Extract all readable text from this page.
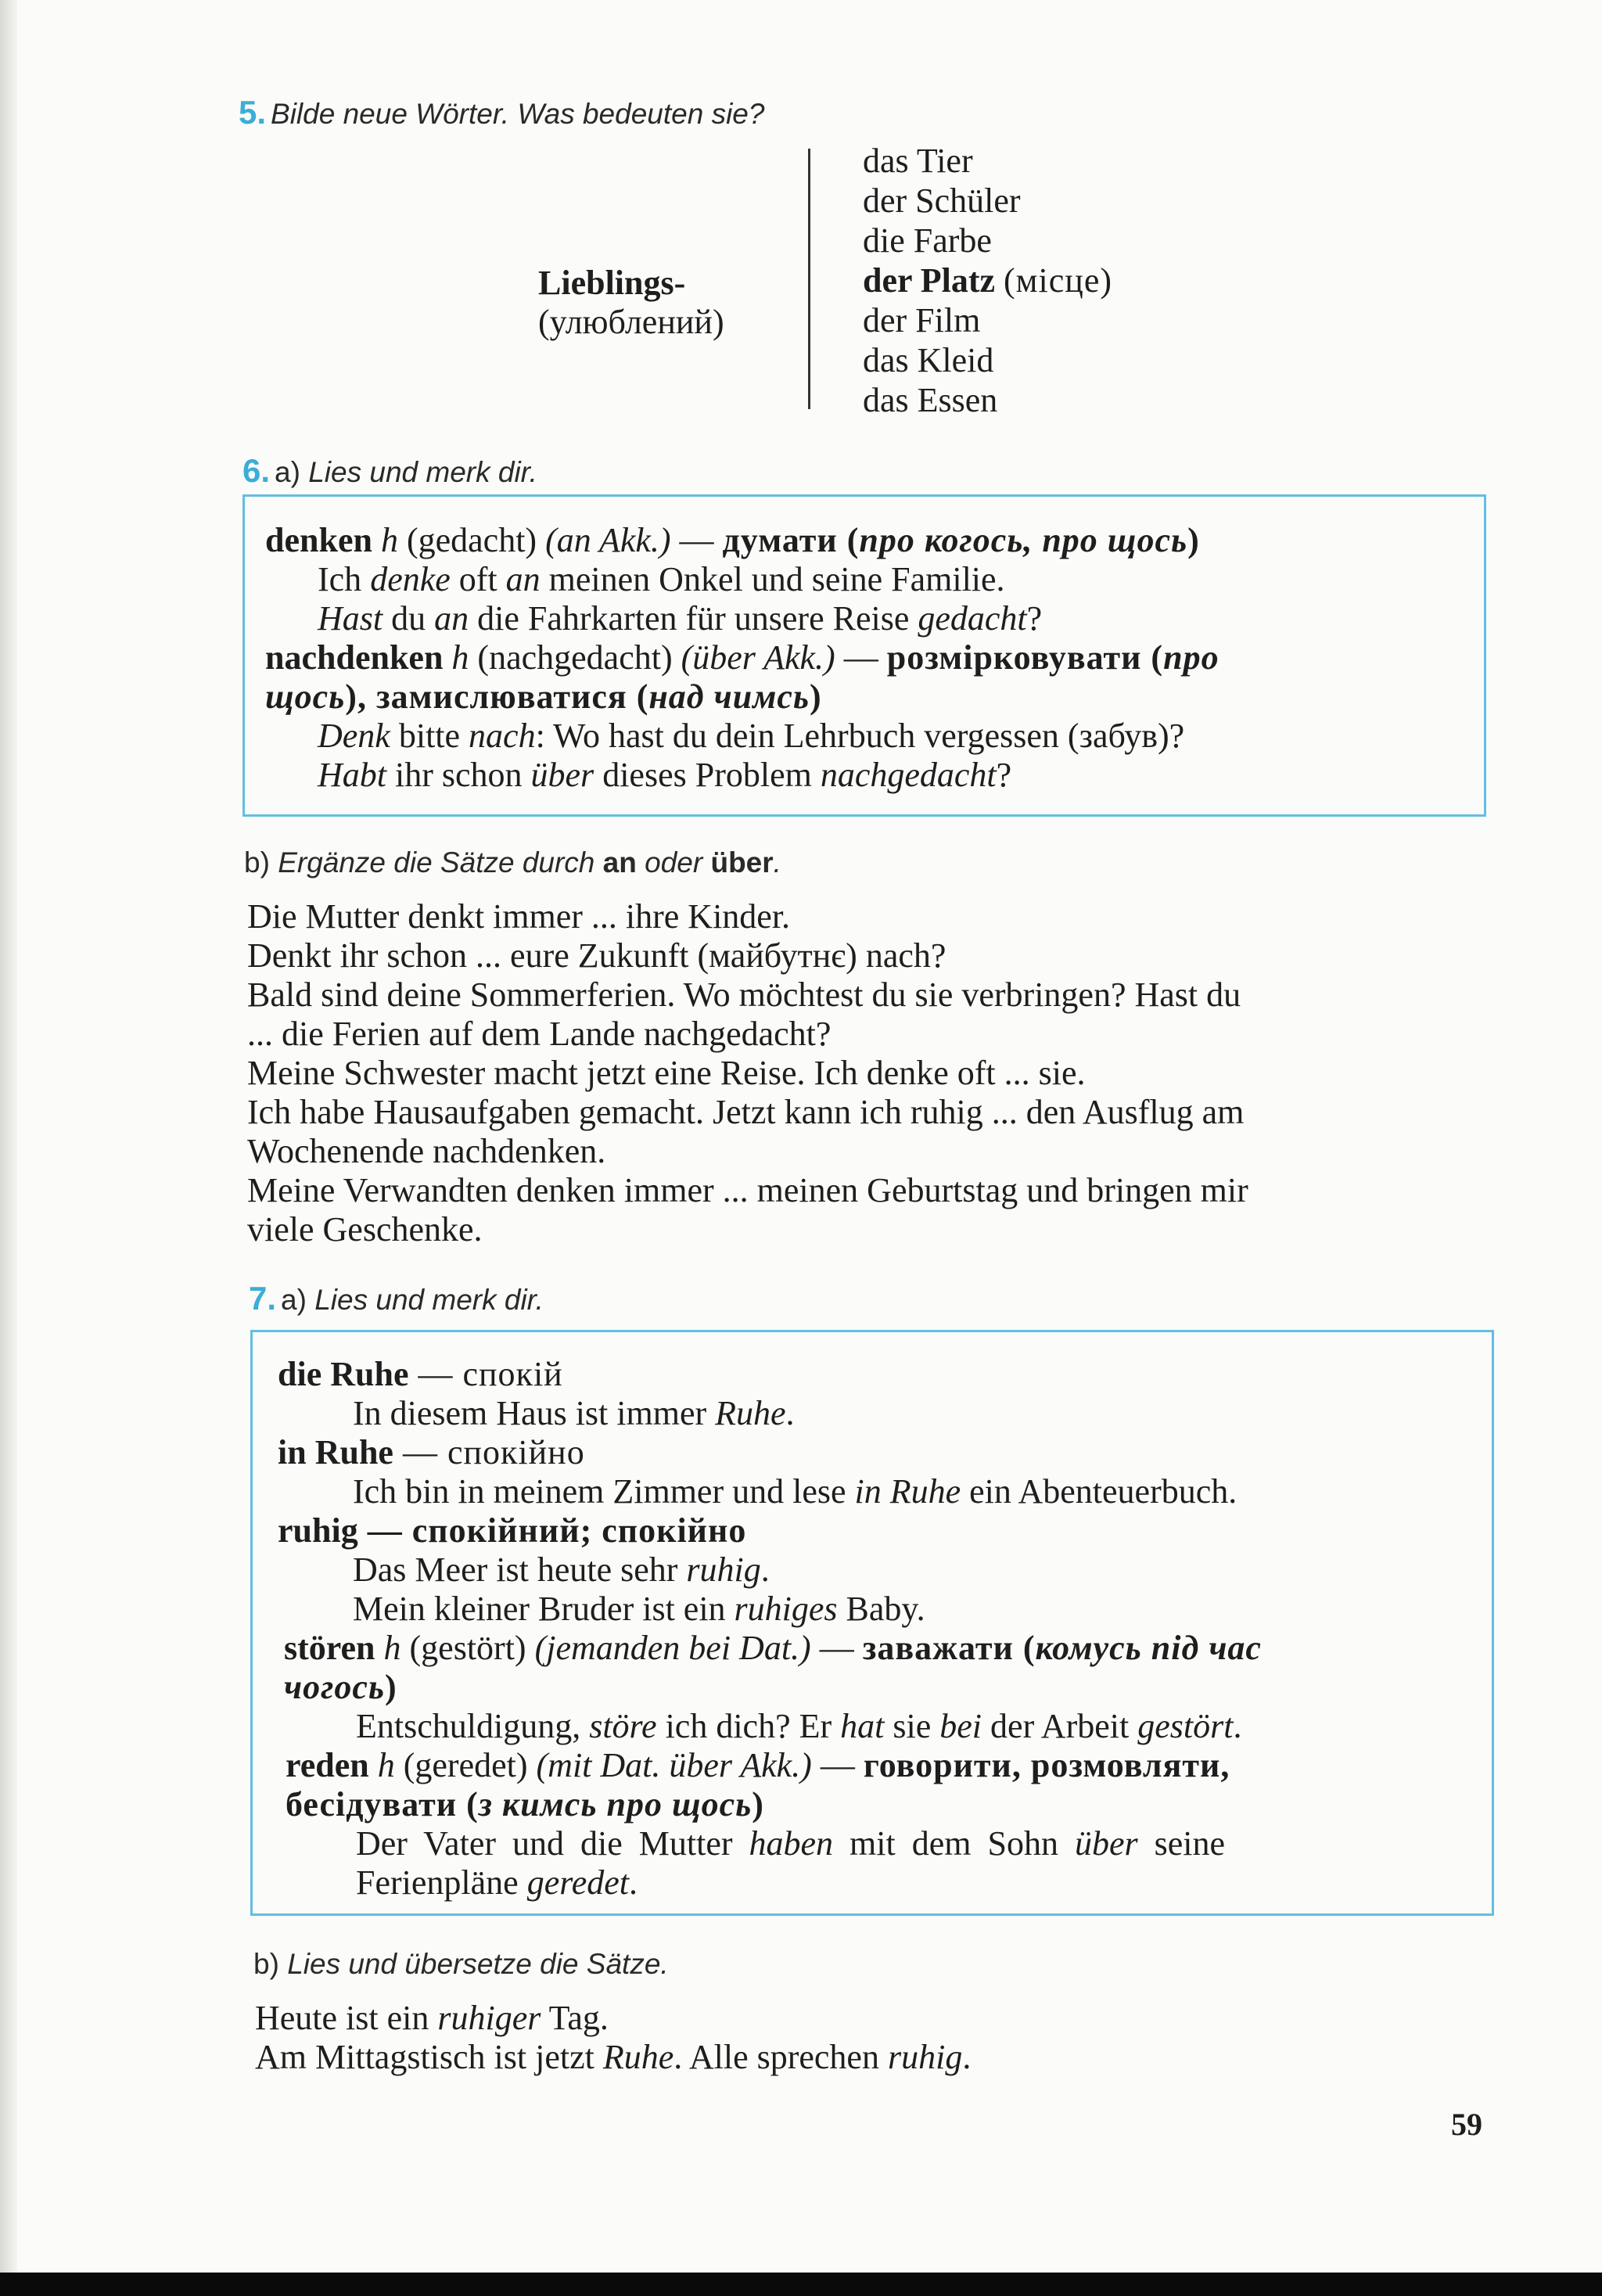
5. Bilde neue Wörter. Was bedeuten sie?
Lieblings-
(улюблений)
das Tier
der Schüler
die Farbe
der Platz (місце)
der Film
das Kleid
das Essen
6. a) Lies und merk dir.
denken h (gedacht) (an Akk.) — думати (про когось, про щось)
Ich denke oft an meinen Onkel und seine Familie.
Hast du an die Fahrkarten für unsere Reise gedacht?
nachdenken h (nachgedacht) (über Akk.) — розмірковувати (про
щось), замислюватися (над чимсь)
Denk bitte nach: Wo hast du dein Lehrbuch vergessen (забув)?
Habt ihr schon über dieses Problem nachgedacht?
b) Ergänze die Sätze durch an oder über.
Die Mutter denkt immer ... ihre Kinder.
Denkt ihr schon ... eure Zukunft (майбутнє) nach?
Bald sind deine Sommerferien. Wo möchtest du sie verbringen? Hast du
... die Ferien auf dem Lande nachgedacht?
Meine Schwester macht jetzt eine Reise. Ich denke oft ... sie.
Ich habe Hausaufgaben gemacht. Jetzt kann ich ruhig ... den Ausflug am
Wochenende nachdenken.
Meine Verwandten denken immer ... meinen Geburtstag und bringen mir
viele Geschenke.
7. a) Lies und merk dir.
die Ruhe — спокій
In diesem Haus ist immer Ruhe.
in Ruhe — спокійно
Ich bin in meinem Zimmer und lese in Ruhe ein Abenteuerbuch.
ruhig — спокійний; спокійно
Das Meer ist heute sehr ruhig.
Mein kleiner Bruder ist ein ruhiges Baby.
stören h (gestört) (jemanden bei Dat.) — заважати (комусь під час
чогось)
Entschuldigung, störe ich dich? Er hat sie bei der Arbeit gestört.
reden h (geredet) (mit Dat. über Akk.) — говорити, розмовляти,
бесідувати (з кимсь про щось)
Der Vater und die Mutter haben mit dem Sohn über seine
Ferienpläne geredet.
b) Lies und übersetze die Sätze.
Heute ist ein ruhiger Tag.
Am Mittagstisch ist jetzt Ruhe. Alle sprechen ruhig.
59
